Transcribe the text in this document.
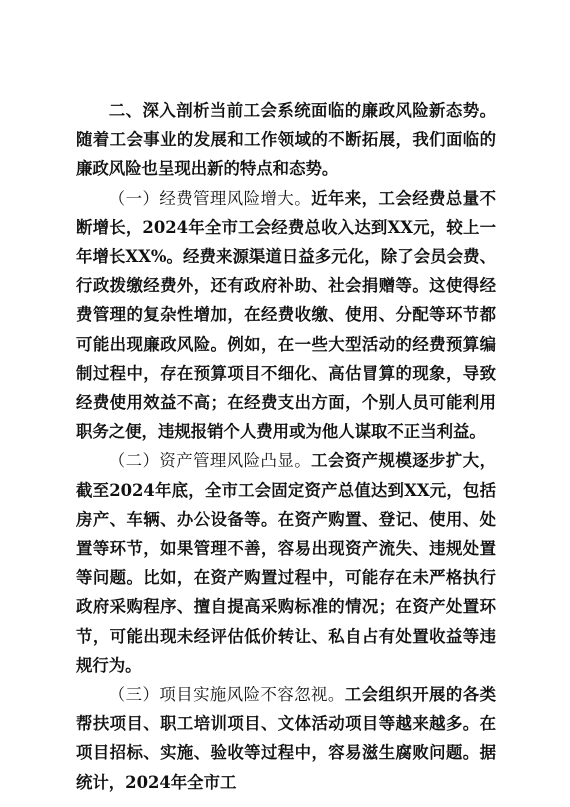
二、深入剖析当前工会系统面临的廉政风险新态势。随着工会事业的发展和工作领域的不断拓展，我们面临的廉政风险也呈现出新的特点和态势。

（一）经费管理风险增大。近年来，工会经费总量不断增长，2024年全市工会经费总收入达到XX元，较上一年增长XX%。经费来源渠道日益多元化，除了会员会费、行政拨缴经费外，还有政府补助、社会捐赠等。这使得经费管理的复杂性增加，在经费收缴、使用、分配等环节都可能出现廉政风险。例如，在一些大型活动的经费预算编制过程中，存在预算项目不细化、高估冒算的现象，导致经费使用效益不高；在经费支出方面，个别人员可能利用职务之便，违规报销个人费用或为他人谋取不正当利益。

（二）资产管理风险凸显。工会资产规模逐步扩大，截至2024年底，全市工会固定资产总值达到XX元，包括房产、车辆、办公设备等。在资产购置、登记、使用、处置等环节，如果管理不善，容易出现资产流失、违规处置等问题。比如，在资产购置过程中，可能存在未严格执行政府采购程序、擅自提高采购标准的情况；在资产处置环节，可能出现未经评估低价转让、私自占有处置收益等违规行为。

（三）项目实施风险不容忽视。工会组织开展的各类帮扶项目、职工培训项目、文体活动项目等越来越多。在项目招标、实施、验收等过程中，容易滋生腐败问题。据统计，2024年全市工
